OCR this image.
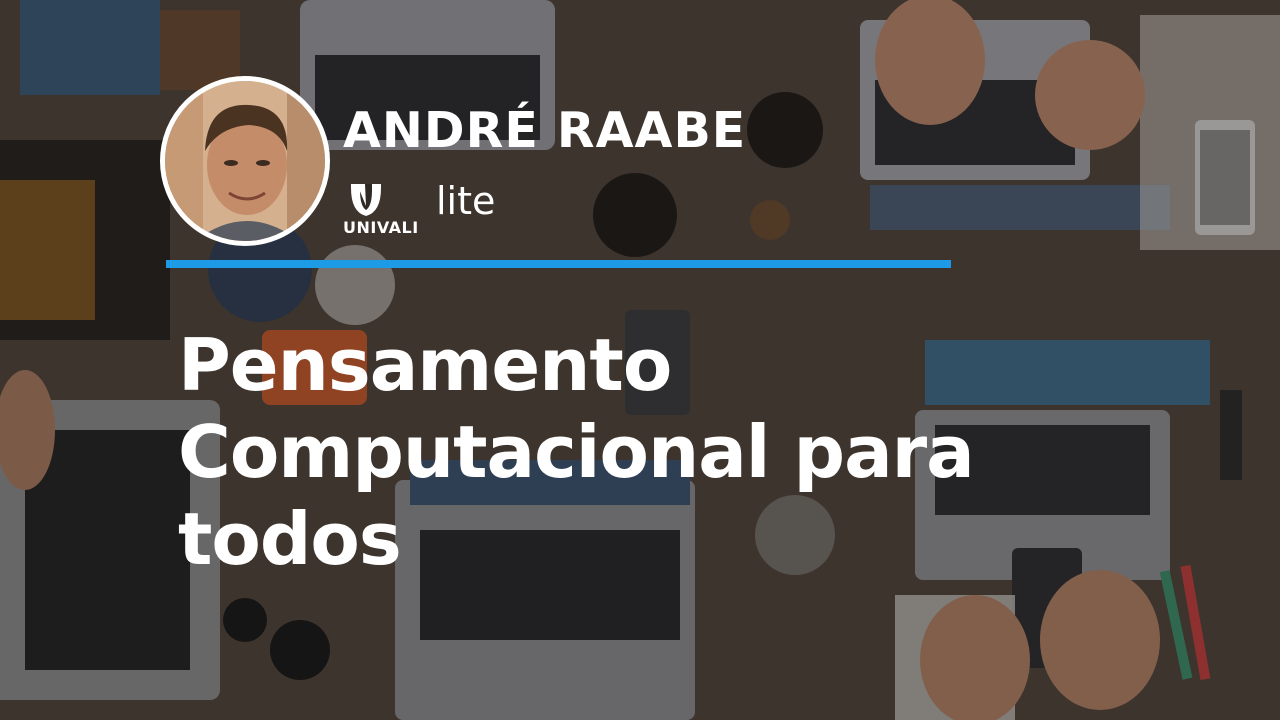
ANDRÉ RAABE
UNIVALI
lite
Pensamento Computacional para todos
